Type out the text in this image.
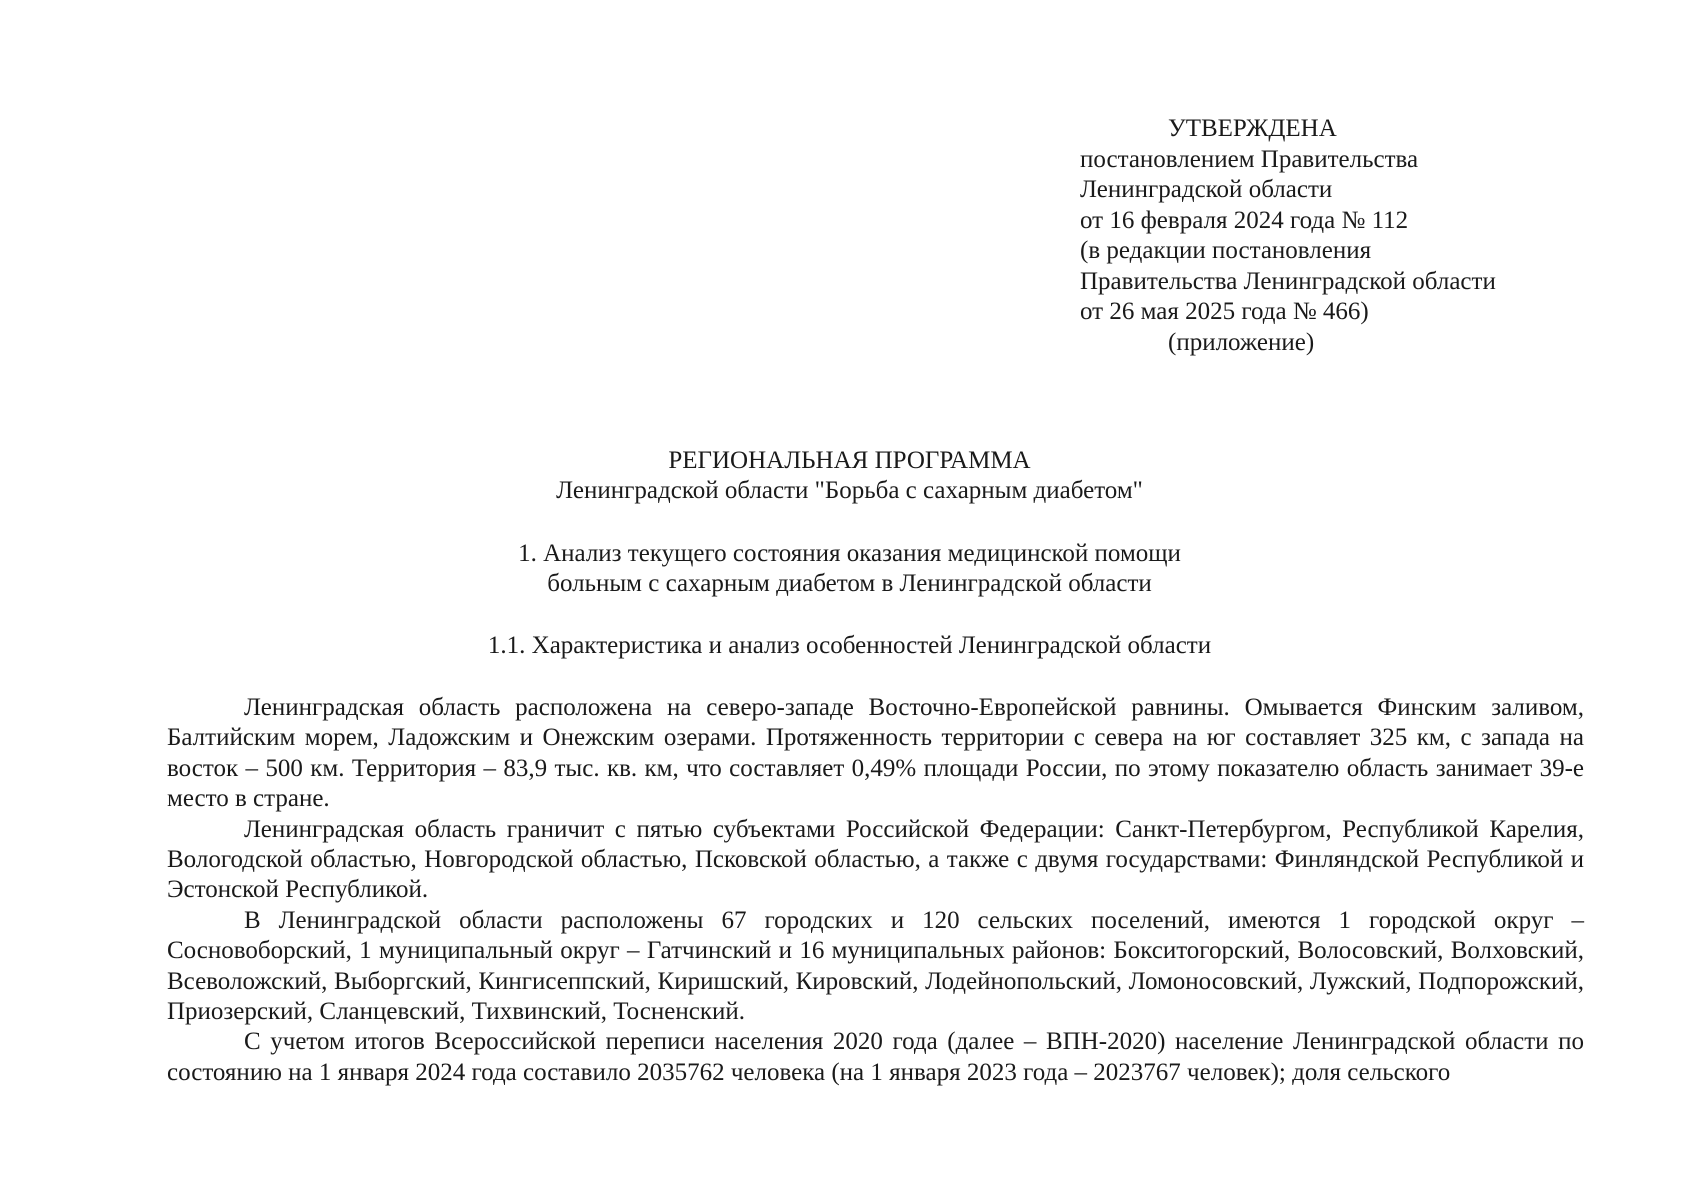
УТВЕРЖДЕНА
постановлением Правительства
Ленинградской области
от 16 февраля 2024 года № 112
(в редакции постановления
Правительства Ленинградской области
от 26 мая 2025 года № 466)
(приложение)
РЕГИОНАЛЬНАЯ ПРОГРАММА
Ленинградской области "Борьба с сахарным диабетом"
1. Анализ текущего состояния оказания медицинской помощи
больным с сахарным диабетом в Ленинградской области
1.1. Характеристика и анализ особенностей Ленинградской области

Ленинградская область расположена на северо-западе Восточно-Европейской равнины. Омывается Финским заливом, Балтийским морем, Ладожским и Онежским озерами. Протяженность территории с севера на юг составляет 325 км, с запада на восток – 500 км. Территория – 83,9 тыс. кв. км, что составляет 0,49% площади России, по этому показателю область занимает 39-е место в стране.

Ленинградская область граничит с пятью субъектами Российской Федерации: Санкт-Петербургом, Республикой Карелия, Вологодской областью, Новгородской областью, Псковской областью, а также с двумя государствами: Финляндской Республикой и Эстонской Республикой.

В Ленинградской области расположены 67 городских и 120 сельских поселений, имеются 1 городской округ – Сосновоборский, 1 муниципальный округ – Гатчинский и 16 муниципальных районов: Бокситогорский, Волосовский, Волховский, Всеволожский, Выборгский, Кингисеппский, Киришский, Кировский, Лодейнопольский, Ломоносовский, Лужский, Подпорожский, Приозерский, Сланцевский, Тихвинский, Тосненский.

С учетом итогов Всероссийской переписи населения 2020 года (далее – ВПН-2020) население Ленинградской области по состоянию на 1 января 2024 года составило 2035762 человека (на 1 января 2023 года – 2023767 человек); доля сельского
